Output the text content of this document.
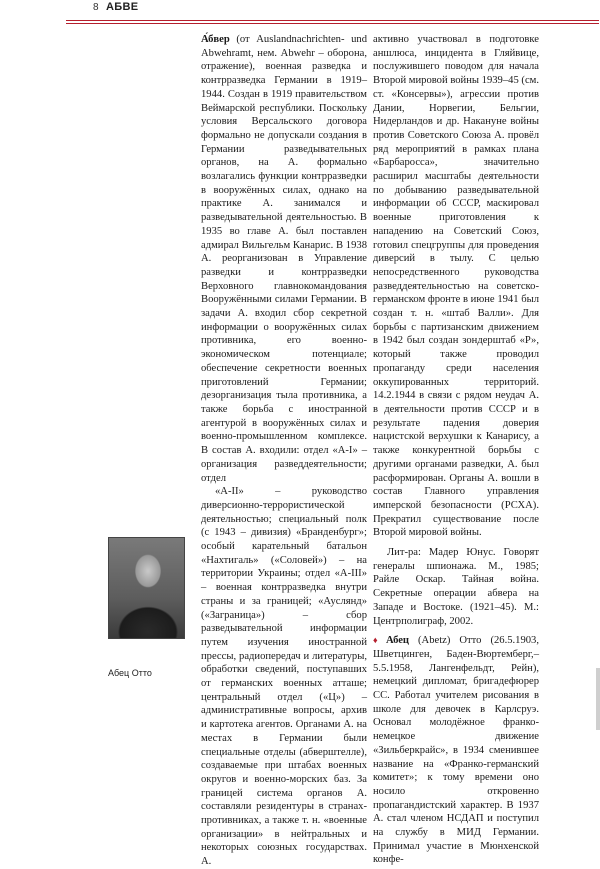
8 АБВЕ
Абец Отто

А́бвер (от Auslandnachrichten- und Abwehramt, нем. Abwehr – оборона, отражение), военная разведка и контрразведка Германии в 1919–1944. Создан в 1919 правительством Веймарской республики. Поскольку условия Версальского договора формально не допускали создания в Германии разведывательных органов, на А. формально возлагались функции контрразведки в вооружённых силах, однако на практике А. занимался и разведывательной деятельностью. В 1935 во главе А. был поставлен адмирал Вильгельм Канарис. В 1938 А. реорганизован в Управление разведки и контрразведки Верховного главнокомандования Вооружёнными силами Германии. В задачи А. входил сбор секретной информации о вооружённых силах противника, его военно-экономическом потенциале; обеспечение секретности военных приготовлений Германии; дезорганизация тыла противника, а также борьба с иностранной агентурой в вооружённых силах и военно-промышленном комплексе. В состав А. входили: отдел «А-I» – организация разведдеятельности; отдел

«А-II» – руководство диверсионно-террористической деятельностью; специальный полк (с 1943 – дивизия) «Бранденбург»; особый карательный батальон «Нахтигаль» («Соловей») – на территории Украины; отдел «А-III» – военная контрразведка внутри страны и за границей; «Ауслянд» («Заграница») – сбор разведывательной информации путем изучения иностранной прессы, радиопередач и литературы, обработки сведений, поступавших от германских военных атташе; центральный отдел («Ц») – административные вопросы, архив и картотека агентов. Органами А. на местах в Германии были специальные отделы (абверштелле), создаваемые при штабах военных округов и военно-морских баз. За границей система органов А. составляли резидентуры в странах-противниках, а также т. н. «военные организации» в нейтральных и некоторых союзных государствах. А.

активно участвовал в подготовке аншлюса, инцидента в Гляйвице, послужившего поводом для начала Второй мировой войны 1939–45 (см. ст. «Консервы»), агрессии против Дании, Норвегии, Бельгии, Нидерландов и др. Накануне войны против Советского Союза А. провёл ряд мероприятий в рамках плана «Барбаросса», значительно расширил масштабы деятельности по добыванию разведывательной информации об СССР, маскировал военные приготовления к нападению на Советский Союз, готовил спецгруппы для проведения диверсий в тылу. С целью непосредственного руководства разведдеятельностью на советско-германском фронте в июне 1941 был создан т. н. «штаб Валли». Для борьбы с партизанским движением в 1942 был создан зондерштаб «Р», который также проводил пропаганду среди населения оккупированных территорий. 14.2.1944 в связи с рядом неудач А. в деятельности против СССР и в результате падения доверия нацистской верхушки к Канарису, а также конкурентной борьбы с другими органами разведки, А. был расформирован. Органы А. вошли в состав Главного управления имперской безопасности (РСХА). Прекратил существование после Второй мировой войны.

Лит-ра: Мадер Юнус. Говорят генералы шпионажа. М., 1985; Райле Оскар. Тайная война. Секретные операции абвера на Западе и Востоке. (1921–45). М.: Центрполиграф, 2002.

♦ Абец (Abetz) Отто (26.5.1903, Шветцинген, Баден-Вюртемберг,–5.5.1958, Лангенфельдт, Рейн), немецкий дипломат, бригадефюрер СС. Работал учителем рисования в школе для девочек в Карлсруэ. Основал молодёжное франко-немецкое движение «Зильберкрайс», в 1934 сменившее название на «Франко-германский комитет»; к тому времени оно носило откровенно пропагандистский характер. В 1937 А. стал членом НСДАП и поступил на службу в МИД Германии. Принимал участие в Мюнхенской конфе-
